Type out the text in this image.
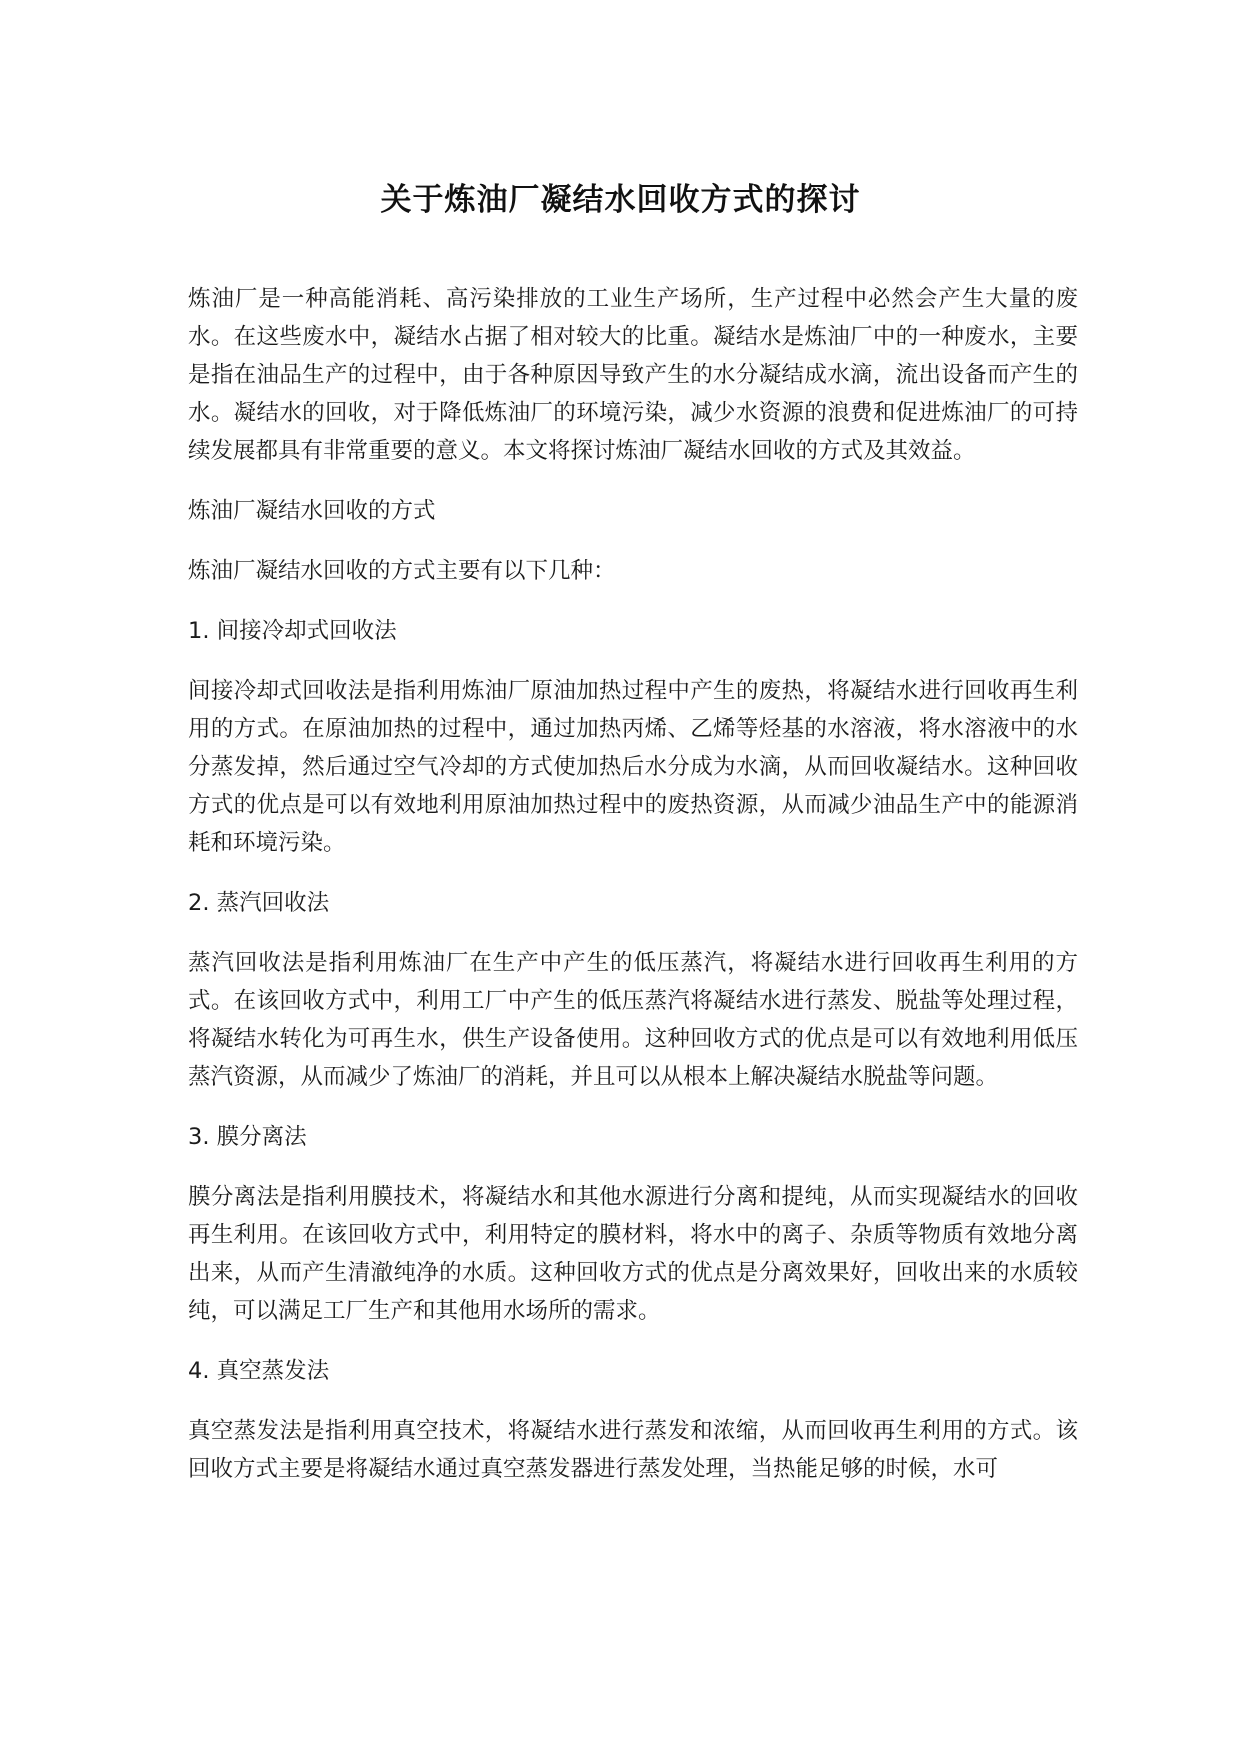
关于炼油厂凝结水回收方式的探讨

炼油厂是一种高能消耗、高污染排放的工业生产场所，生产过程中必然会产生大量的废水。在这些废水中，凝结水占据了相对较大的比重。凝结水是炼油厂中的一种废水，主要是指在油品生产的过程中，由于各种原因导致产生的水分凝结成水滴，流出设备而产生的水。凝结水的回收，对于降低炼油厂的环境污染，减少水资源的浪费和促进炼油厂的可持续发展都具有非常重要的意义。本文将探讨炼油厂凝结水回收的方式及其效益。

炼油厂凝结水回收的方式

炼油厂凝结水回收的方式主要有以下几种：

1. 间接冷却式回收法

间接冷却式回收法是指利用炼油厂原油加热过程中产生的废热，将凝结水进行回收再生利用的方式。在原油加热的过程中，通过加热丙烯、乙烯等烃基的水溶液，将水溶液中的水分蒸发掉，然后通过空气冷却的方式使加热后水分成为水滴，从而回收凝结水。这种回收方式的优点是可以有效地利用原油加热过程中的废热资源，从而减少油品生产中的能源消耗和环境污染。

2. 蒸汽回收法

蒸汽回收法是指利用炼油厂在生产中产生的低压蒸汽，将凝结水进行回收再生利用的方式。在该回收方式中，利用工厂中产生的低压蒸汽将凝结水进行蒸发、脱盐等处理过程，将凝结水转化为可再生水，供生产设备使用。这种回收方式的优点是可以有效地利用低压蒸汽资源，从而减少了炼油厂的消耗，并且可以从根本上解决凝结水脱盐等问题。

3. 膜分离法

膜分离法是指利用膜技术，将凝结水和其他水源进行分离和提纯，从而实现凝结水的回收再生利用。在该回收方式中，利用特定的膜材料，将水中的离子、杂质等物质有效地分离出来，从而产生清澈纯净的水质。这种回收方式的优点是分离效果好，回收出来的水质较纯，可以满足工厂生产和其他用水场所的需求。

4. 真空蒸发法

真空蒸发法是指利用真空技术，将凝结水进行蒸发和浓缩，从而回收再生利用的方式。该回收方式主要是将凝结水通过真空蒸发器进行蒸发处理，当热能足够的时候，水可
